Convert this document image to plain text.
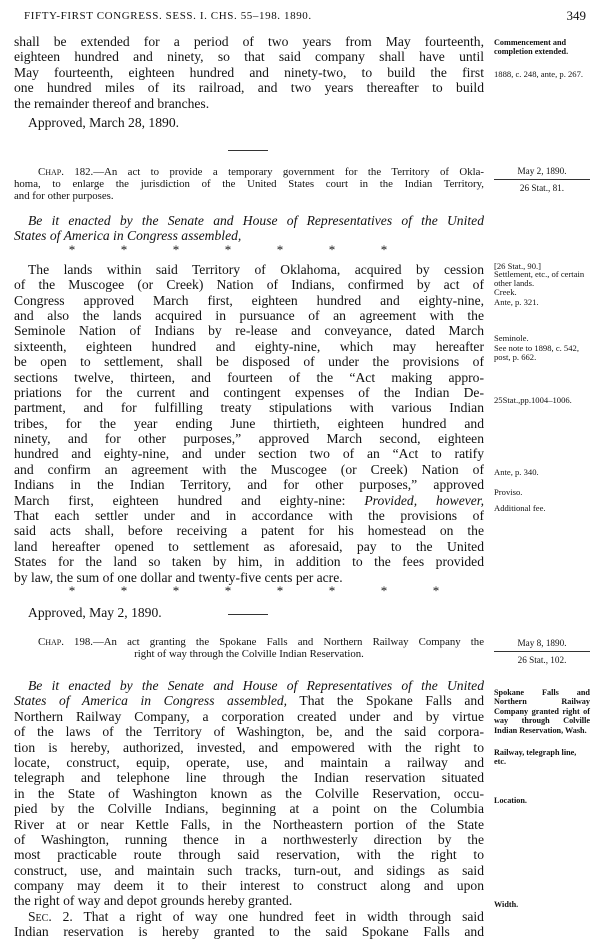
FIFTY-FIRST CONGRESS. SESS. I. CHS. 55–198. 1890.	349
shall be extended for a period of two years from May fourteenth,
eighteen hundred and ninety, so that said company shall have until
May fourteenth, eighteen hundred and ninety-two, to build the first
one hundred miles of its railroad, and two years thereafter to build
the remainder thereof and branches.
Approved, March 28, 1890.
Commencement and completion extended.
1888, c. 248, ante, p. 267.
Chap. 182.—An act to provide a temporary government for the Territory of Okla-
homa, to enlarge the jurisdiction of the United States court in the Indian Territory,
and for other purposes.
May 2, 1890.
26 Stat., 81.
Be it enacted by the Senate and House of Representatives of the United
States of America in Congress assembled,
*	*	*	*	*	*	*
The lands within said Territory of Oklahoma, acquired by cession
of the Muscogee (or Creek) Nation of Indians, confirmed by act of
Congress approved March first, eighteen hundred and eighty-nine,
and also the lands acquired in pursuance of an agreement with the
Seminole Nation of Indians by re-lease and conveyance, dated March
sixteenth, eighteen hundred and eighty-nine, which may hereafter
be open to settlement, shall be disposed of under the provisions of
sections twelve, thirteen, and fourteen of the “Act making appro-
priations for the current and contingent expenses of the Indian De-
partment, and for fulfilling treaty stipulations with various Indian
tribes, for the year ending June thirtieth, eighteen hundred and
ninety, and for other purposes,” approved March second, eighteen
hundred and eighty-nine, and under section two of an “Act to ratify
and confirm an agreement with the Muscogee (or Creek) Nation of
Indians in the Indian Territory, and for other purposes,” approved
March first, eighteen hundred and eighty-nine: Provided, however,
That each settler under and in accordance with the provisions of
said acts shall, before receiving a patent for his homestead on the
land hereafter opened to settlement as aforesaid, pay to the United
States for the land so taken by him, in addition to the fees provided
by law, the sum of one dollar and twenty-five cents per acre.
*	*	*	*	*	*	*	*
Approved, May 2, 1890.
[26 Stat., 90.]
Settlement, etc., of certain other lands.
Creek.
Ante, p. 321.
Seminole.
See note to 1898, c. 542, post, p. 662.
25Stat.,pp.1004–1006.
Ante, p. 340.
Proviso.
Additional fee.
Chap. 198.—An act granting the Spokane Falls and Northern Railway Company the
right of way through the Colville Indian Reservation.
May 8, 1890.
26 Stat., 102.
Be it enacted by the Senate and House of Representatives of the United
States of America in Congress assembled, That the Spokane Falls and
Northern Railway Company, a corporation created under and by virtue
of the laws of the Territory of Washington, be, and the said corpora-
tion is hereby, authorized, invested, and empowered with the right to
locate, construct, equip, operate, use, and maintain a railway and
telegraph and telephone line through the Indian reservation situated
in the State of Washington known as the Colville Reservation, occu-
pied by the Colville Indians, beginning at a point on the Columbia
River at or near Kettle Falls, in the Northeastern portion of the State
of Washington, running thence in a northwesterly direction by the
most practicable route through said reservation, with the right to
construct, use, and maintain such tracks, turn-out, and sidings as said
company may deem it to their interest to construct along and upon
the right of way and depot grounds hereby granted.
Sec. 2. That a right of way one hundred feet in width through said
Indian reservation is hereby granted to the said Spokane Falls and
Spokane Falls and Northern Railway Company granted right of way through Colville Indian Reservation, Wash.
Railway, telegraph line, etc.
Location.
Width.
